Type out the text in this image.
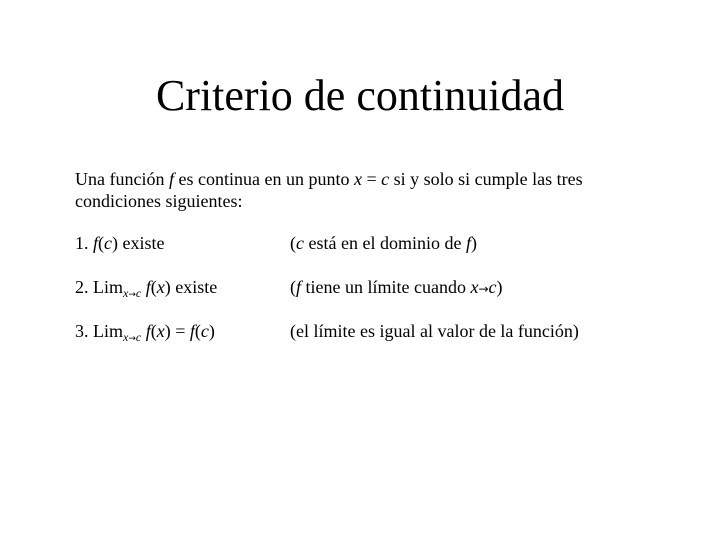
Criterio de continuidad
Una función f es continua en un punto x = c si y solo si cumple las tres
condiciones siguientes:
1. f(c) existe	(c está en el dominio de f)
2. Lim$_{x\to c}$ f(x) existe	(f tiene un límite cuando x→c)
3. Lim$_{x\to c}$ f(x) = f(c)	(el límite es igual al valor de la función)
